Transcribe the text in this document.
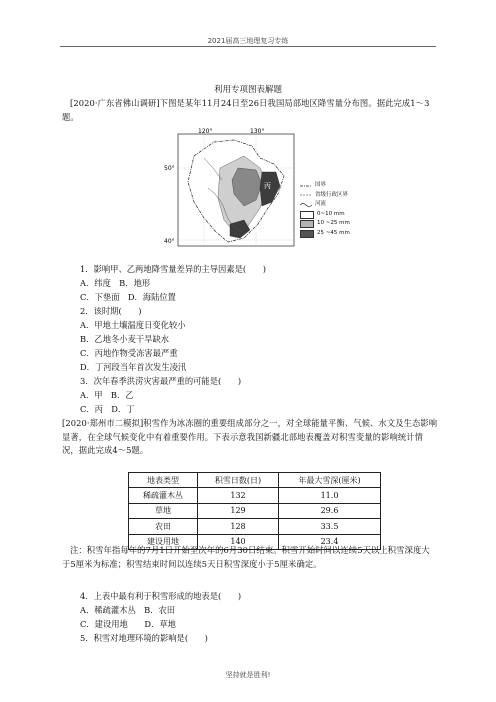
2021届高三地理复习专练
利用专项图表解题
[2020·广东省佛山调研]下图是某年11月24日至26日我国局部地区降雪量分布图。据此完成1～3题。
丙
120°	130°
50°
40°
国界
省级行政区界
河流
0~10 mm
10 ~25 mm
25 ~45 mm
1．影响甲、乙两地降雪量差异的主导因素是(　　)
A．纬度　B．地形
C．下垫面　D．海陆位置
2．该时期(　　)
A．甲地土壤温度日变化较小
B．乙地冬小麦干旱缺水
C．丙地作物受冻害最严重
D．丁河段当年首次发生凌汛
3．次年春季洪涝灾害最严重的可能是(　　)
A．甲　B．乙
C．丙　D．丁
[2020·郑州市二模拟]积雪作为冰冻圈的重要组成部分之一，对全球能量平衡、气候、水文及生态影响显著，在全球气候变化中有着重要作用。下表示意我国新疆北部地表覆盖对积雪变量的影响统计情况，据此完成4～5题。
地表类型	积雪日数(日)	年最大雪深(厘米)
稀疏灌木丛	132	11.0
草地	129	29.6
农田	128	33.5
建设用地	140	23.4
注：积雪年指每年的7月1日开始至次年的6月30日结束。积雪开始时间以连续5天以上积雪深度大于5厘米为标准；积雪结束时间以连续5天日积雪深度小于5厘米确定。
4．上表中最有利于积雪形成的地表是(　　)
A．稀疏灌木丛　B．农田
C．建设用地　　D．草地
5．积雪对地理环境的影响是(　　)
坚持就是胜利!
